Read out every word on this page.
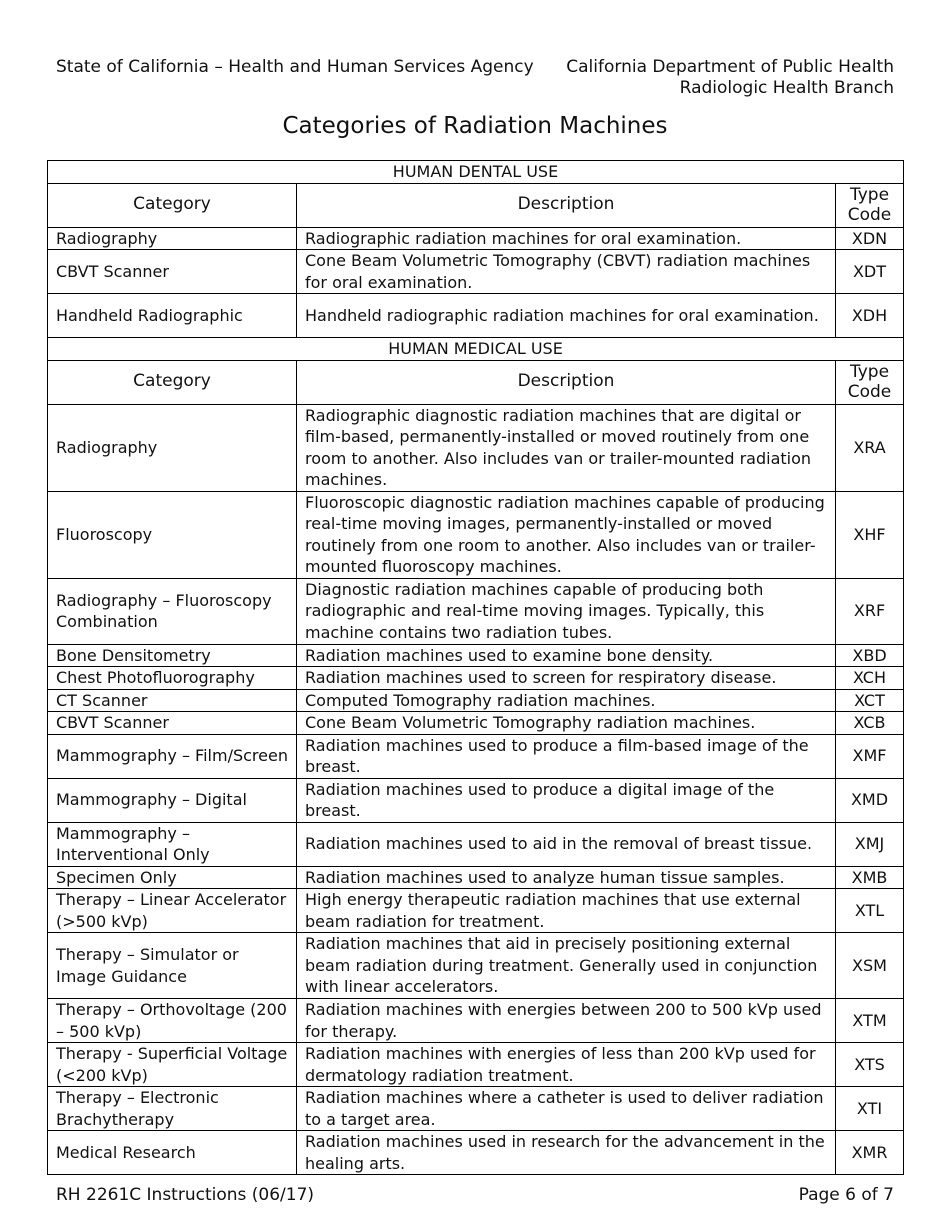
State of California – Health and Human Services Agency California Department of Public Health
Radiologic Health Branch
Categories of Radiation Machines
HUMAN DENTAL USE		
Category	Description	Type
Code
Radiography	Radiographic radiation machines for oral examination.	XDN
CBVT Scanner	Cone Beam Volumetric Tomography (CBVT) radiation machines for oral examination.	XDT
Handheld Radiographic	Handheld radiographic radiation machines for oral examination.	XDH
HUMAN MEDICAL USE		
Category	Description	Type
Code
Radiography	Radiographic diagnostic radiation machines that are digital or film-based, permanently-installed or moved routinely from one room to another. Also includes van or trailer-mounted radiation machines.	XRA
Fluoroscopy	Fluoroscopic diagnostic radiation machines capable of producing real-time moving images, permanently-installed or moved routinely from one room to another. Also includes van or trailer-mounted fluoroscopy machines.	XHF
Radiography – Fluoroscopy Combination	Diagnostic radiation machines capable of producing both radiographic and real-time moving images. Typically, this machine contains two radiation tubes.	XRF
Bone Densitometry	Radiation machines used to examine bone density.	XBD
Chest Photofluorography	Radiation machines used to screen for respiratory disease.	XCH
CT Scanner	Computed Tomography radiation machines.	XCT
CBVT Scanner	Cone Beam Volumetric Tomography radiation machines.	XCB
Mammography – Film/Screen	Radiation machines used to produce a film-based image of the breast.	XMF
Mammography – Digital	Radiation machines used to produce a digital image of the breast.	XMD
Mammography – Interventional Only	Radiation machines used to aid in the removal of breast tissue.	XMJ
Specimen Only	Radiation machines used to analyze human tissue samples.	XMB
Therapy – Linear Accelerator (>500 kVp)	High energy therapeutic radiation machines that use external beam radiation for treatment.	XTL
Therapy – Simulator or Image Guidance	Radiation machines that aid in precisely positioning external beam radiation during treatment. Generally used in conjunction with linear accelerators.	XSM
Therapy – Orthovoltage (200 – 500 kVp)	Radiation machines with energies between 200 to 500 kVp used for therapy.	XTM
Therapy - Superficial Voltage (<200 kVp)	Radiation machines with energies of less than 200 kVp used for dermatology radiation treatment.	XTS
Therapy – Electronic Brachytherapy	Radiation machines where a catheter is used to deliver radiation to a target area.	XTI
Medical Research	Radiation machines used in research for the advancement in the healing arts.	XMR
RH 2261C Instructions (06/17)	Page 6 of 7
